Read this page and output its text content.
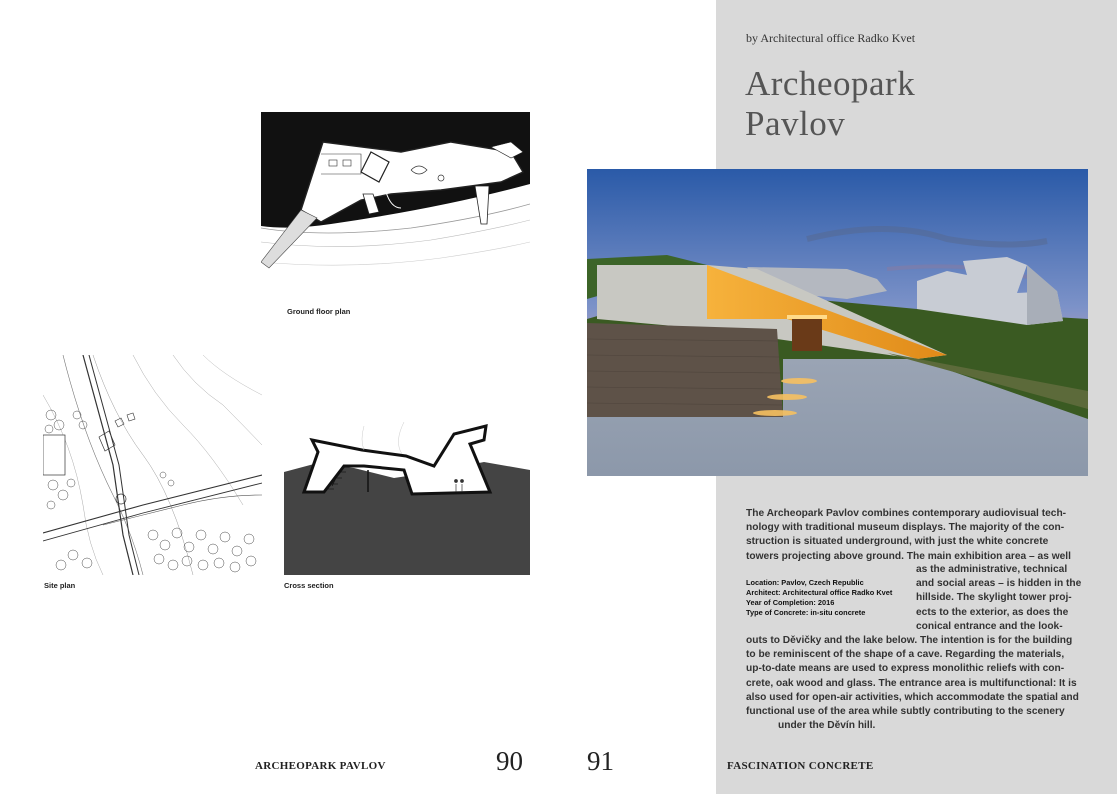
by Architectural office Radko Kvet
Archeopark
Pavlov
Ground floor plan
Site plan	Cross section	Location: Pavlov, Czech Republic
Architect: Architectural office Radko Kvet
Year of Completion: 2016
Type of Concrete: in-situ concrete
The Archeopark Pavlov combines contemporary audiovisual tech-
nology with traditional museum displays. The majority of the con-
struction is situated underground, with just the white concrete
towers projecting above ground. The main exhibition area – as well
as the administrative, technical
and social areas – is hidden in the
hillside. The skylight tower proj-
ects to the exterior, as does the
conical entrance and the look-
outs to Děvičky and the lake below. The intention is for the building
to be reminiscent of the shape of a cave. Regarding the materials,
up-to-date means are used to express monolithic reliefs with con-
crete, oak wood and glass. The entrance area is multifunctional: It is
also used for open-air activities, which accommodate the spatial and
functional use of the area while subtly contributing to the scenery
under the Děvín hill.
ARCHEOPARK PAVLOV	90 91	FASCINATION CONCRETE
